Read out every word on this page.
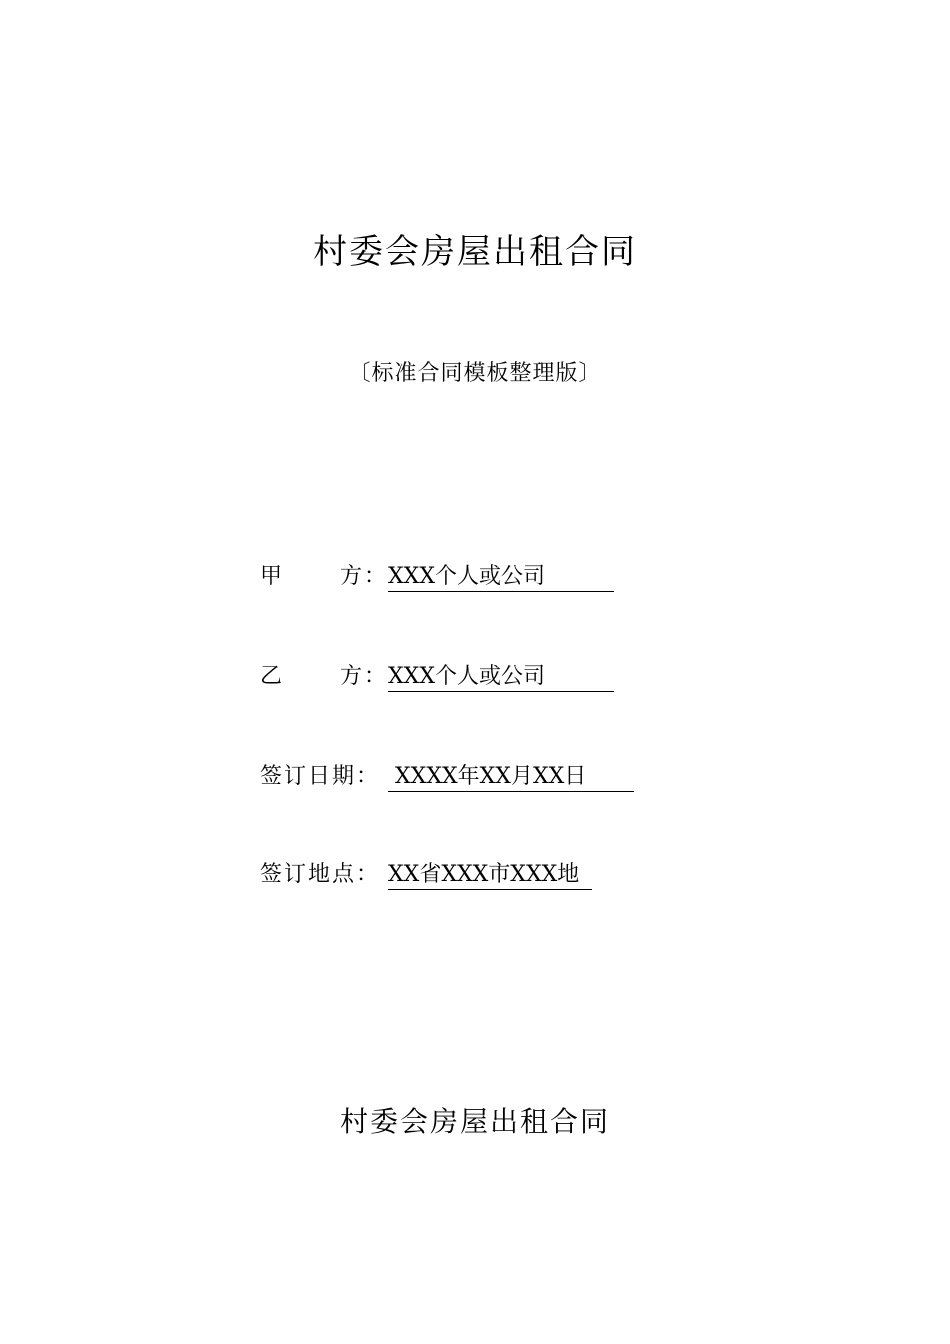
村委会房屋出租合同
〔标准合同模板整理版〕
甲	方： XXX个人或公司
乙	方： XXX个人或公司
签订日期： XXXX年XX月XX日
签订地点： XX省XXX市XXX地
村委会房屋出租合同
